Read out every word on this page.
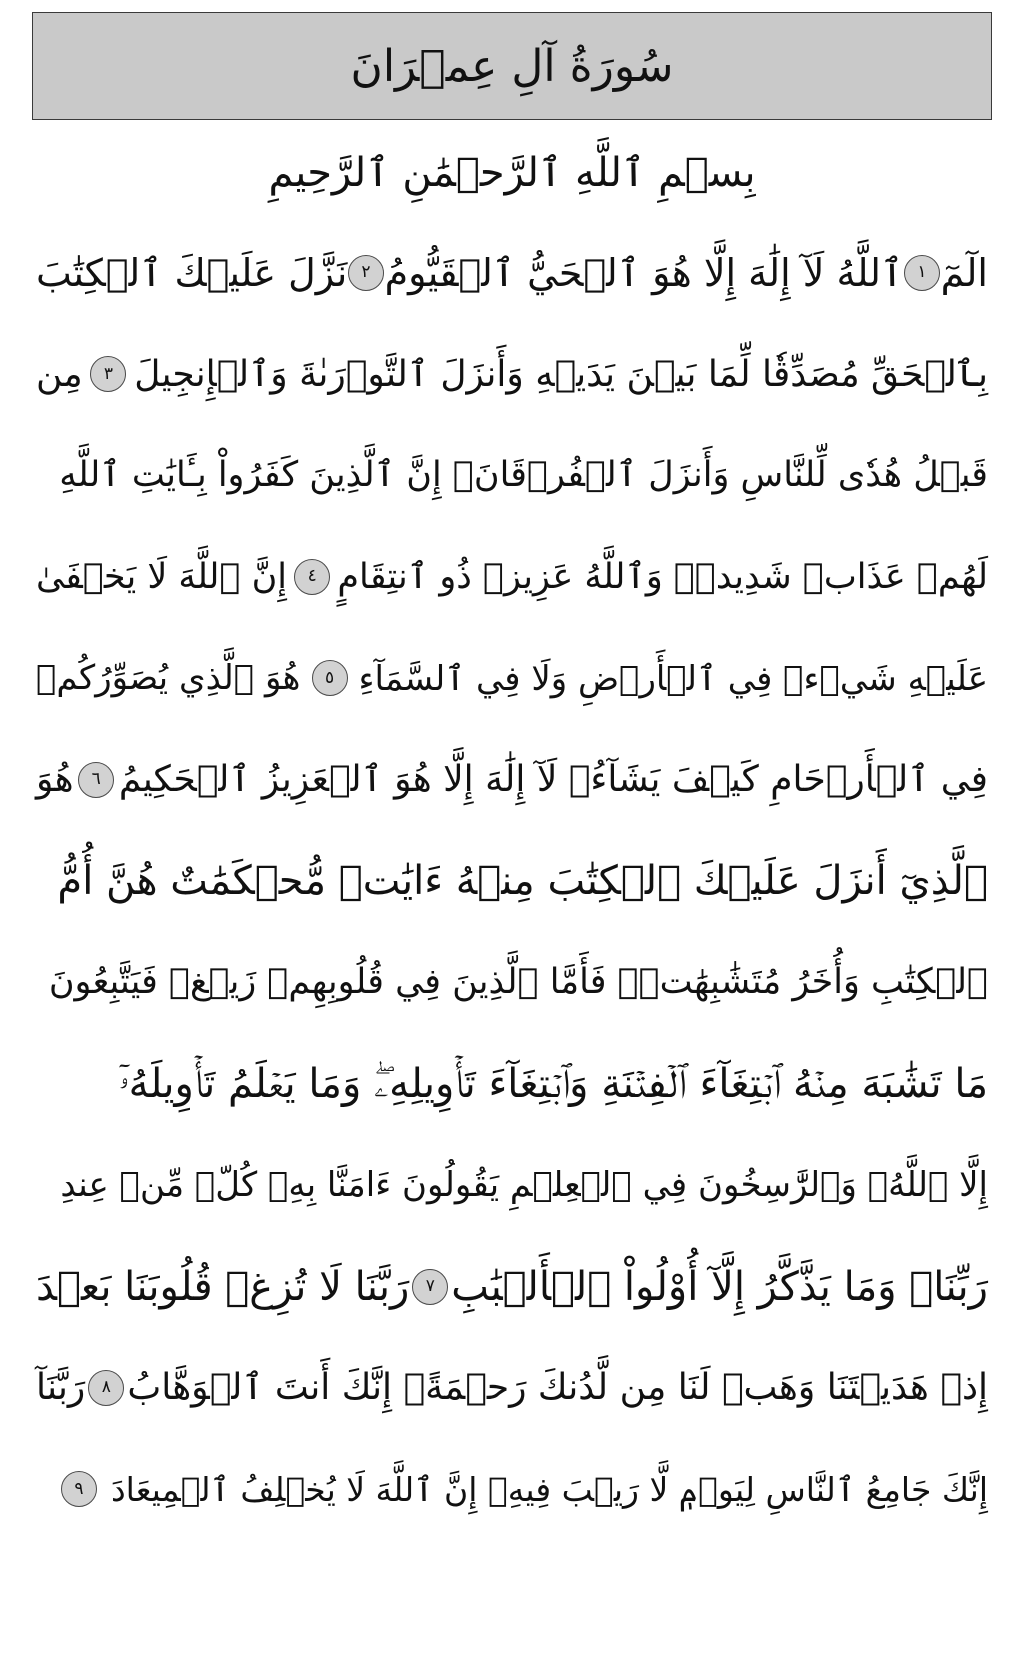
سُورَةُ آلِ عِمۡرَانَ
بِسۡمِ ٱللَّهِ ٱلرَّحۡمَٰنِ ٱلرَّحِيمِ
الٓمٓ
١
ٱللَّهُ لَآ إِلَٰهَ إِلَّا هُوَ ٱلۡحَيُّ ٱلۡقَيُّومُ
٢
نَزَّلَ عَلَيۡكَ ٱلۡكِتَٰبَ
بِٱلۡحَقِّ مُصَدِّقٗا لِّمَا بَيۡنَ يَدَيۡهِ وَأَنزَلَ ٱلتَّوۡرَىٰةَ وَٱلۡإِنجِيلَ
٣
مِن
قَبۡلُ هُدٗى لِّلنَّاسِ وَأَنزَلَ ٱلۡفُرۡقَانَۗ إِنَّ ٱلَّذِينَ كَفَرُواْ بِـَٔايَٰتِ ٱللَّهِ
لَهُمۡ عَذَابٞ شَدِيدٞۗ وَٱللَّهُ عَزِيزٞ ذُو ٱنتِقَامٍ
٤
إِنَّ ٱللَّهَ لَا يَخۡفَىٰ
عَلَيۡهِ شَيۡءٞ فِي ٱلۡأَرۡضِ وَلَا فِي ٱلسَّمَآءِ
٥
هُوَ ٱلَّذِي يُصَوِّرُكُمۡ
فِي ٱلۡأَرۡحَامِ كَيۡفَ يَشَآءُۚ لَآ إِلَٰهَ إِلَّا هُوَ ٱلۡعَزِيزُ ٱلۡحَكِيمُ
٦
هُوَ
ٱلَّذِيٓ أَنزَلَ عَلَيۡكَ ٱلۡكِتَٰبَ مِنۡهُ ءَايَٰتٞ مُّحۡكَمَٰتٌ هُنَّ أُمُّ
ٱلۡكِتَٰبِ وَأُخَرُ مُتَشَٰبِهَٰتٞۖ فَأَمَّا ٱلَّذِينَ فِي قُلُوبِهِمۡ زَيۡغٞ فَيَتَّبِعُونَ
مَا تَشَٰبَهَ مِنۡهُ ٱبۡتِغَآءَ ٱلۡفِتۡنَةِ وَٱبۡتِغَآءَ تَأۡوِيلِهِۦۖ وَمَا يَعۡلَمُ تَأۡوِيلَهُۥٓ
إِلَّا ٱللَّهُۗ وَٱلرَّٰسِخُونَ فِي ٱلۡعِلۡمِ يَقُولُونَ ءَامَنَّا بِهِۦ كُلّٞ مِّنۡ عِندِ
رَبِّنَاۗ وَمَا يَذَّكَّرُ إِلَّآ أُوْلُواْ ٱلۡأَلۡبَٰبِ
٧
رَبَّنَا لَا تُزِغۡ قُلُوبَنَا بَعۡدَ
إِذۡ هَدَيۡتَنَا وَهَبۡ لَنَا مِن لَّدُنكَ رَحۡمَةًۚ إِنَّكَ أَنتَ ٱلۡوَهَّابُ
٨
رَبَّنَآ
إِنَّكَ جَامِعُ ٱلنَّاسِ لِيَوۡمٖ لَّا رَيۡبَ فِيهِۚ إِنَّ ٱللَّهَ لَا يُخۡلِفُ ٱلۡمِيعَادَ
٩
